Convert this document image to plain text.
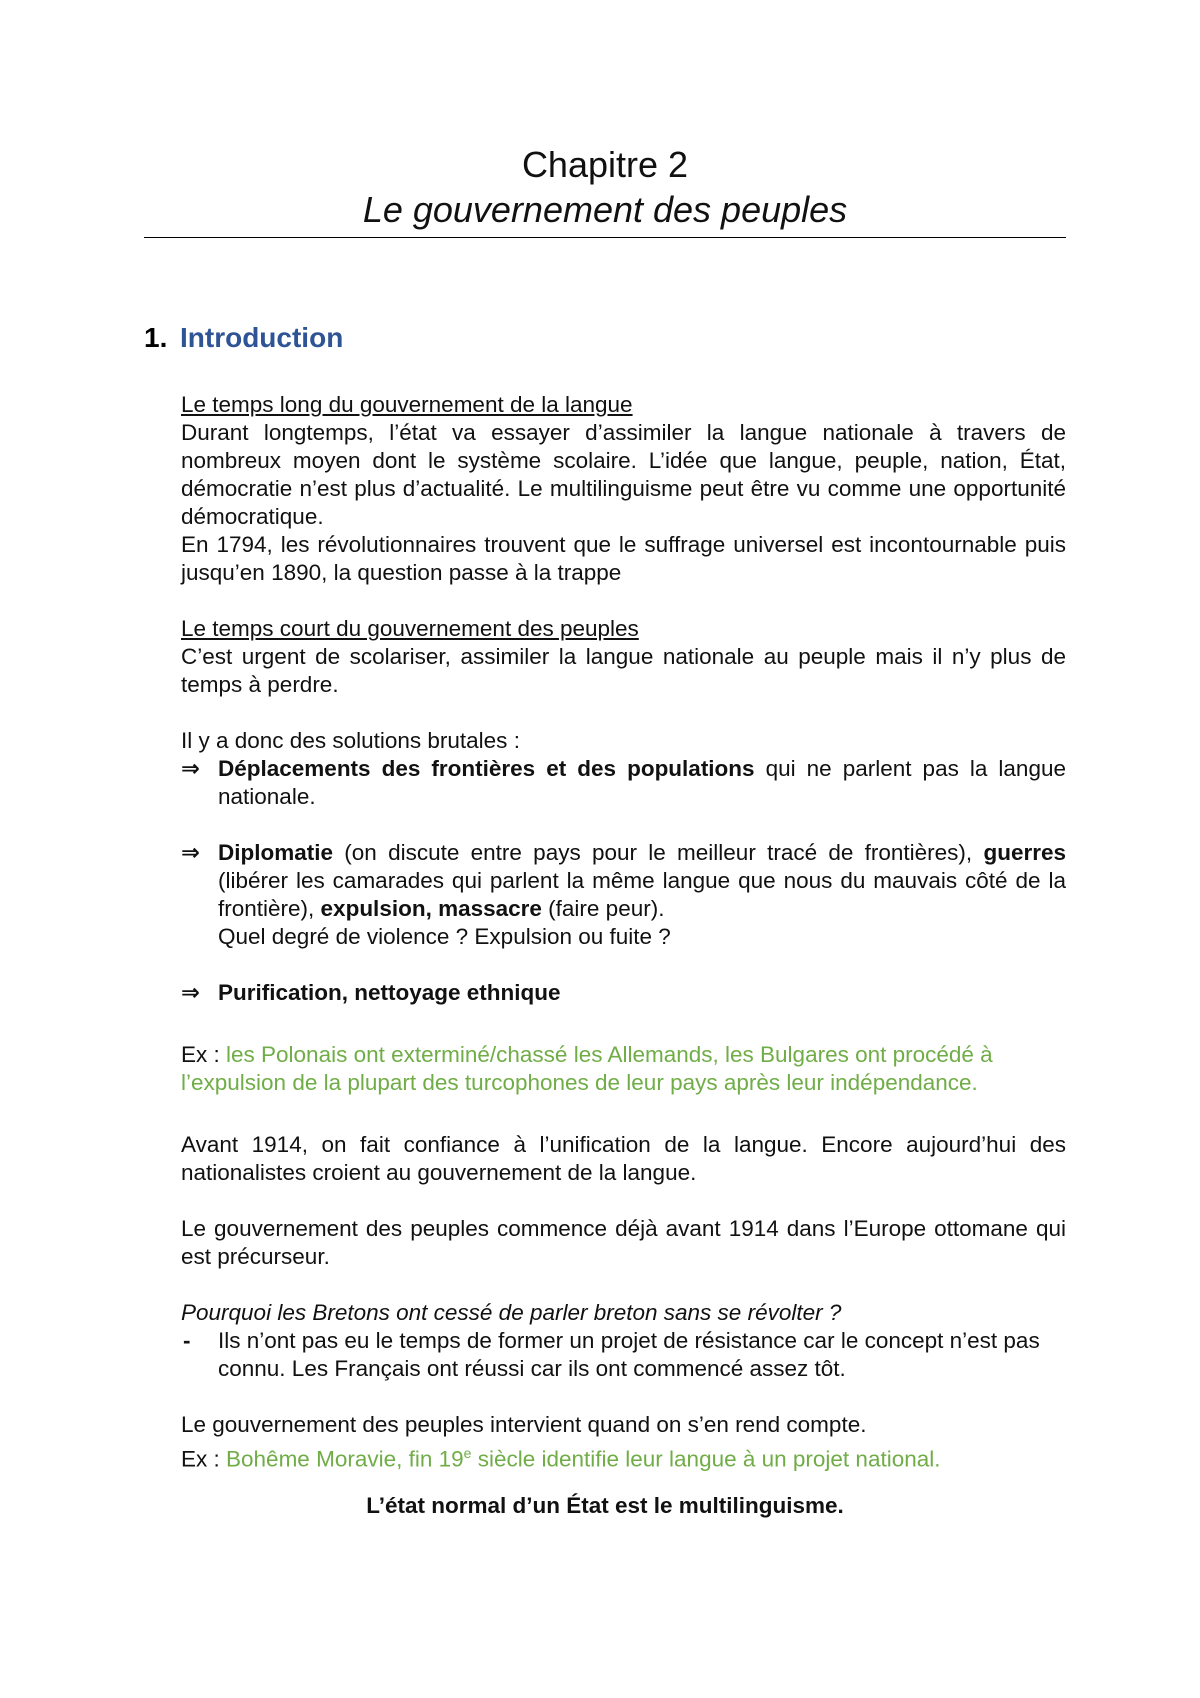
Chapitre 2

Le gouvernement des peuples

1. Introduction

Le temps long du gouvernement de la langue

Durant longtemps, l’état va essayer d’assimiler la langue nationale à travers de nombreux moyen dont le système scolaire. L’idée que langue, peuple, nation, État, démocratie n’est plus d’actualité. Le multilinguisme peut être vu comme une opportunité démocratique.

En 1794, les révolutionnaires trouvent que le suffrage universel est incontournable puis jusqu’en 1890, la question passe à la trappe

Le temps court du gouvernement des peuples

C’est urgent de scolariser, assimiler la langue nationale au peuple mais il n’y plus de temps à perdre.

Il y a donc des solutions brutales :

⇒ Déplacements des frontières et des populations qui ne parlent pas la langue nationale.

⇒ Diplomatie (on discute entre pays pour le meilleur tracé de frontières), guerres (libérer les camarades qui parlent la même langue que nous du mauvais côté de la frontière), expulsion, massacre (faire peur).

Quel degré de violence ? Expulsion ou fuite ?

⇒ Purification, nettoyage ethnique

Ex : les Polonais ont exterminé/chassé les Allemands, les Bulgares ont procédé à l’expulsion de la plupart des turcophones de leur pays après leur indépendance.

Avant 1914, on fait confiance à l’unification de la langue. Encore aujourd’hui des nationalistes croient au gouvernement de la langue.

Le gouvernement des peuples commence déjà avant 1914 dans l’Europe ottomane qui est précurseur.

Pourquoi les Bretons ont cessé de parler breton sans se révolter ?

- Ils n’ont pas eu le temps de former un projet de résistance car le concept n’est pas connu. Les Français ont réussi car ils ont commencé assez tôt.

Le gouvernement des peuples intervient quand on s’en rend compte.

Ex : Bohême Moravie, fin 19e siècle identifie leur langue à un projet national.

L’état normal d’un État est le multilinguisme.
